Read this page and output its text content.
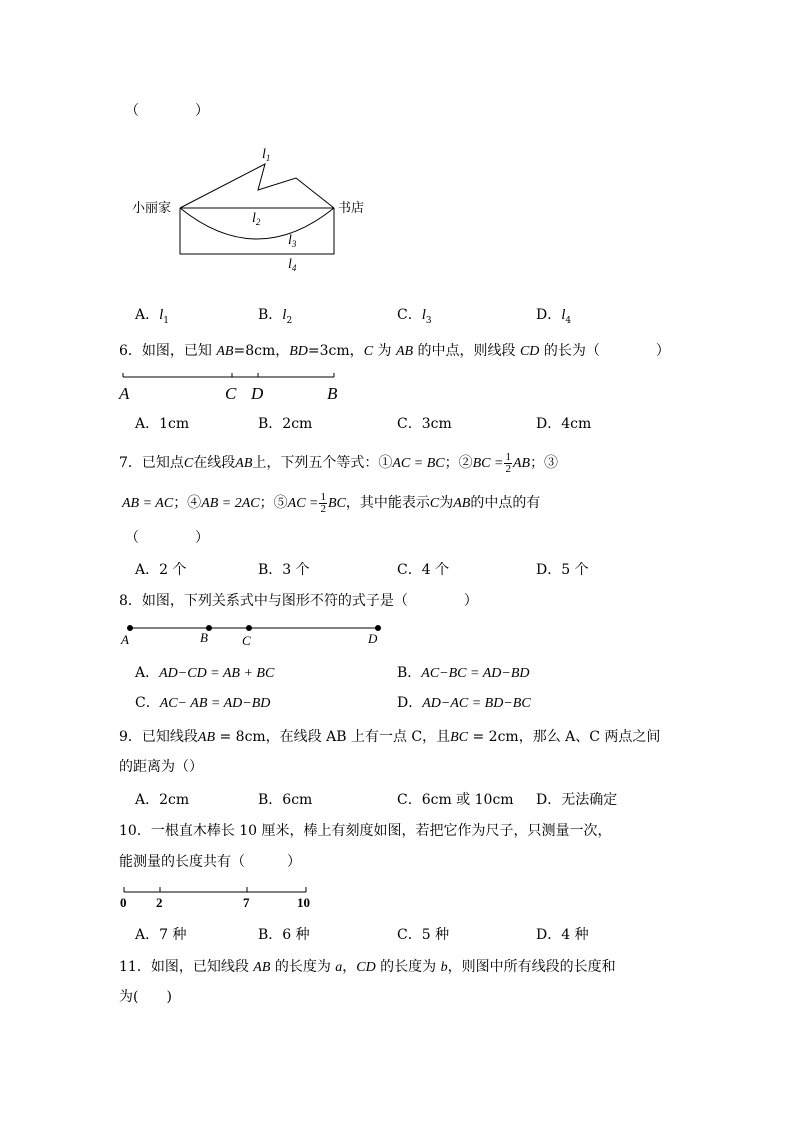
（　　　　）
$l_1$
$l_2$
$l_3$
$l_4$
小丽家	书店
A．$l_1$	B．$l_2$	C．$l_3$	D．$l_4$
6．如图，已知 AB=8cm，BD=3cm，C 为 AB 的中点，则线段 CD 的长为（　　　　）
A	C D	B
A．1cm	B．2cm	C．3cm	D．4cm
7．已知点C在线段AB上，下列五个等式：①AC = BC；②BC = $\frac{1}{2}$ AB；③
AB = AC；④AB = 2AC；⑤AC = $\frac{1}{2}$ BC，其中能表示C为AB的中点的有
（　　　　）
A．2 个	B．3 个	C．4 个	D．5 个
8．如图，下列关系式中与图形不符的式子是（　　　　）
A	B	C	D
A．AD−CD = AB + BC	B．AC−BC = AD−BD
C．AC− AB = AD−BD	D．AD−AC = BD−BC
9．已知线段AB = 8cm，在线段 AB 上有一点 C，且BC = 2cm，那么 A、C 两点之间
的距离为（）
A．2cm	B．6cm	C．6cm 或 10cm D．无法确定
10．一根直木棒长 10 厘米，棒上有刻度如图，若把它作为尺子，只测量一次，
能测量的长度共有（　　　）
0 2	7	10
A．7 种	B．6 种	C．5 种	D．4 种
11．如图，已知线段 AB 的长度为 a，CD 的长度为 b，则图中所有线段的长度和
为(　　)
